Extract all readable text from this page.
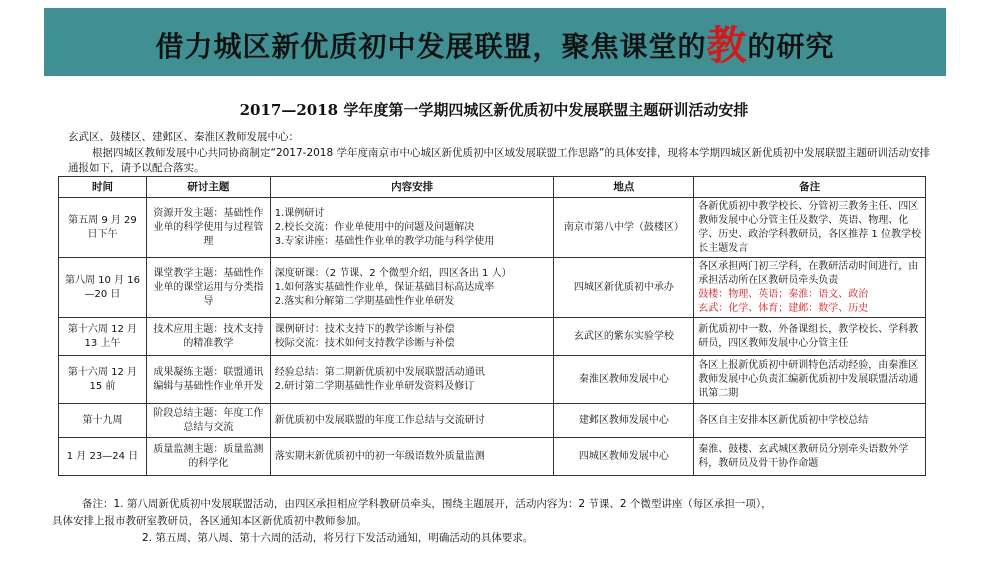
借力城区新优质初中发展联盟，聚焦课堂的教的研究
2017—2018 学年度第一学期四城区新优质初中发展联盟主题研训活动安排
玄武区、鼓楼区、建邺区、秦淮区教师发展中心：
根据四城区教师发展中心共同协商制定“2017-2018 学年度南京市中心城区新优质初中区域发展联盟工作思路”的具体安排，现将本学期四城区新优质初中发展联盟主题研训活动安排通报如下，请予以配合落实。
时间	研讨主题	内容安排	地点	备注
第五周 9 月 29 日下午	资源开发主题：基础性作业单的科学使用与过程管理	1.课例研讨
2.校长交流：作业单使用中的问题及问题解决
3.专家讲座：基础性作业单的教学功能与科学使用	南京市第八中学（鼓楼区）	各新优质初中教学校长、分管初三教务主任、四区教师发展中心分管主任及数学、英语、物理、化学、历史、政治学科教研员，各区推荐 1 位教学校长主题发言
第八周 10 月 16—20 日	课堂教学主题：基础性作业单的课堂运用与分类指导	深度研课：（2 节课、2 个微型介绍，四区各出 1 人）
1.如何落实基础性作业单，保证基础目标高达成率
2.落实和分解第二学期基础性作业单研发	四城区新优质初中承办	各区承担两门初三学科，在教研活动时间进行，由承担活动所在区教研员牵头负责
鼓楼：物理、英语；秦淮：语文、政治
玄武：化学、体育；建邺：数学、历史

第十六周 12 月 13 上午	技术应用主题：技术支持的精准教学	课例研讨：技术支持下的教学诊断与补偿
校际交流：技术如何支持教学诊断与补偿	玄武区的紫东实验学校	新优质初中一数、外备课组长，教学校长、学科教研员，四区教师发展中心分管主任
第十六周 12 月 15 前	成果凝练主题：联盟通讯编辑与基础性作业单开发	经验总结：第二期新优质初中发展联盟活动通讯
2.研讨第二学期基础性作业单研发资料及修订	秦淮区教师发展中心	各区上报新优质初中研训特色活动经验，由秦淮区教师发展中心负责汇编新优质初中发展联盟活动通讯第二期
第十九周	阶段总结主题：年度工作总结与交流	新优质初中发展联盟的年度工作总结与交流研讨	建邺区教师发展中心	各区自主安排本区新优质初中学校总结
1 月 23—24 日	质量监测主题：质量监测的科学化	落实期末新优质初中的初一年级语数外质量监测	四城区教师发展中心	秦淮、鼓楼、玄武城区教研员分别牵头语数外学科，教研员及骨干协作命题
备注：1. 第八周新优质初中发展联盟活动，由四区承担相应学科教研员牵头，围绕主题展开，活动内容为：2 节课、2 个微型讲座（每区承担一项），
具体安排上报市教研室教研员，各区通知本区新优质初中教师参加。
2. 第五周、第八周、第十六周的活动，将另行下发活动通知，明确活动的具体要求。
